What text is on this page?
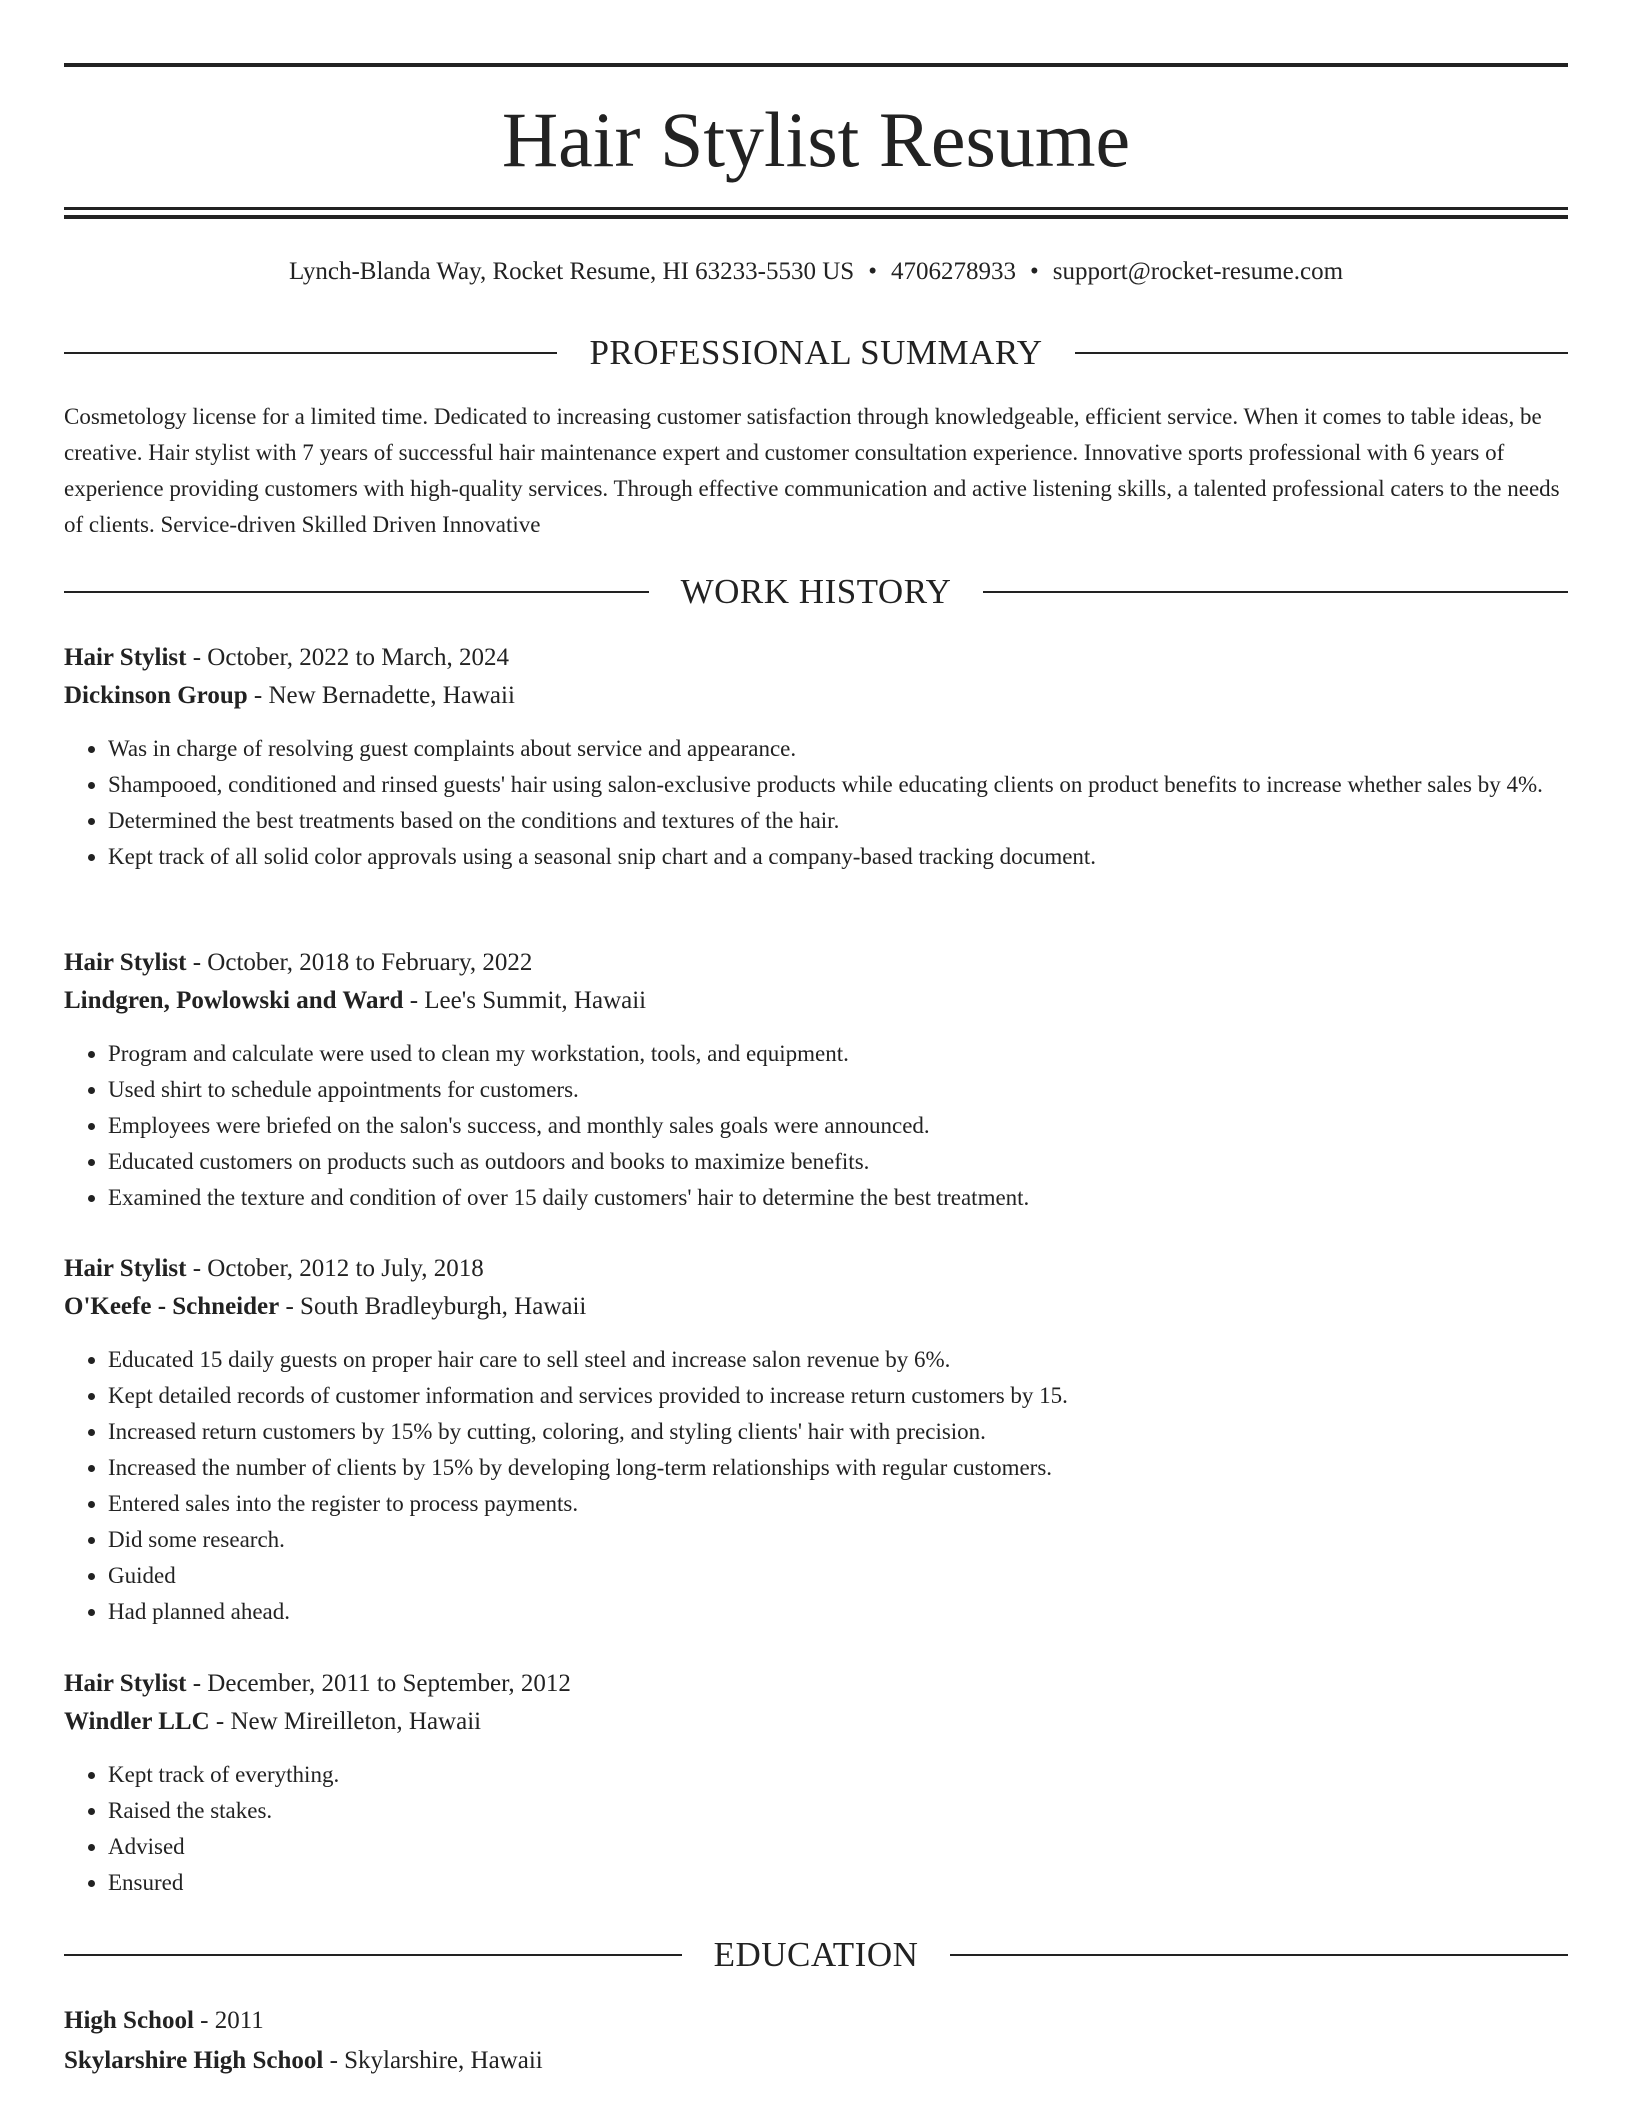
Hair Stylist Resume
Lynch-Blanda Way, Rocket Resume, HI 63233-5530 US • 4706278933 • support@rocket-resume.com
PROFESSIONAL SUMMARY

Cosmetology license for a limited time. Dedicated to increasing customer satisfaction through knowledgeable, efficient service. When it comes to table ideas, be creative. Hair stylist with 7 years of successful hair maintenance expert and customer consultation experience. Innovative sports professional with 6 years of experience providing customers with high-quality services. Through effective communication and active listening skills, a talented professional caters to the needs of clients. Service-driven Skilled Driven Innovative

WORK HISTORY
Hair Stylist - October, 2022 to March, 2024
Dickinson Group - New Bernadette, Hawaii
• Was in charge of resolving guest complaints about service and appearance.
• Shampooed, conditioned and rinsed guests' hair using salon-exclusive products while educating clients on product benefits to increase whether sales by 4%.
• Determined the best treatments based on the conditions and textures of the hair.
• Kept track of all solid color approvals using a seasonal snip chart and a company-based tracking document.
Hair Stylist - October, 2018 to February, 2022
Lindgren, Powlowski and Ward - Lee's Summit, Hawaii
• Program and calculate were used to clean my workstation, tools, and equipment.
• Used shirt to schedule appointments for customers.
• Employees were briefed on the salon's success, and monthly sales goals were announced.
• Educated customers on products such as outdoors and books to maximize benefits.
• Examined the texture and condition of over 15 daily customers' hair to determine the best treatment.
Hair Stylist - October, 2012 to July, 2018
O'Keefe - Schneider - South Bradleyburgh, Hawaii
• Educated 15 daily guests on proper hair care to sell steel and increase salon revenue by 6%.
• Kept detailed records of customer information and services provided to increase return customers by 15.
• Increased return customers by 15% by cutting, coloring, and styling clients' hair with precision.
• Increased the number of clients by 15% by developing long-term relationships with regular customers.
• Entered sales into the register to process payments.
• Did some research.
• Guided
• Had planned ahead.
Hair Stylist - December, 2011 to September, 2012
Windler LLC - New Mireilleton, Hawaii
• Kept track of everything.
• Raised the stakes.
• Advised
• Ensured
EDUCATION
High School - 2011
Skylarshire High School - Skylarshire, Hawaii
